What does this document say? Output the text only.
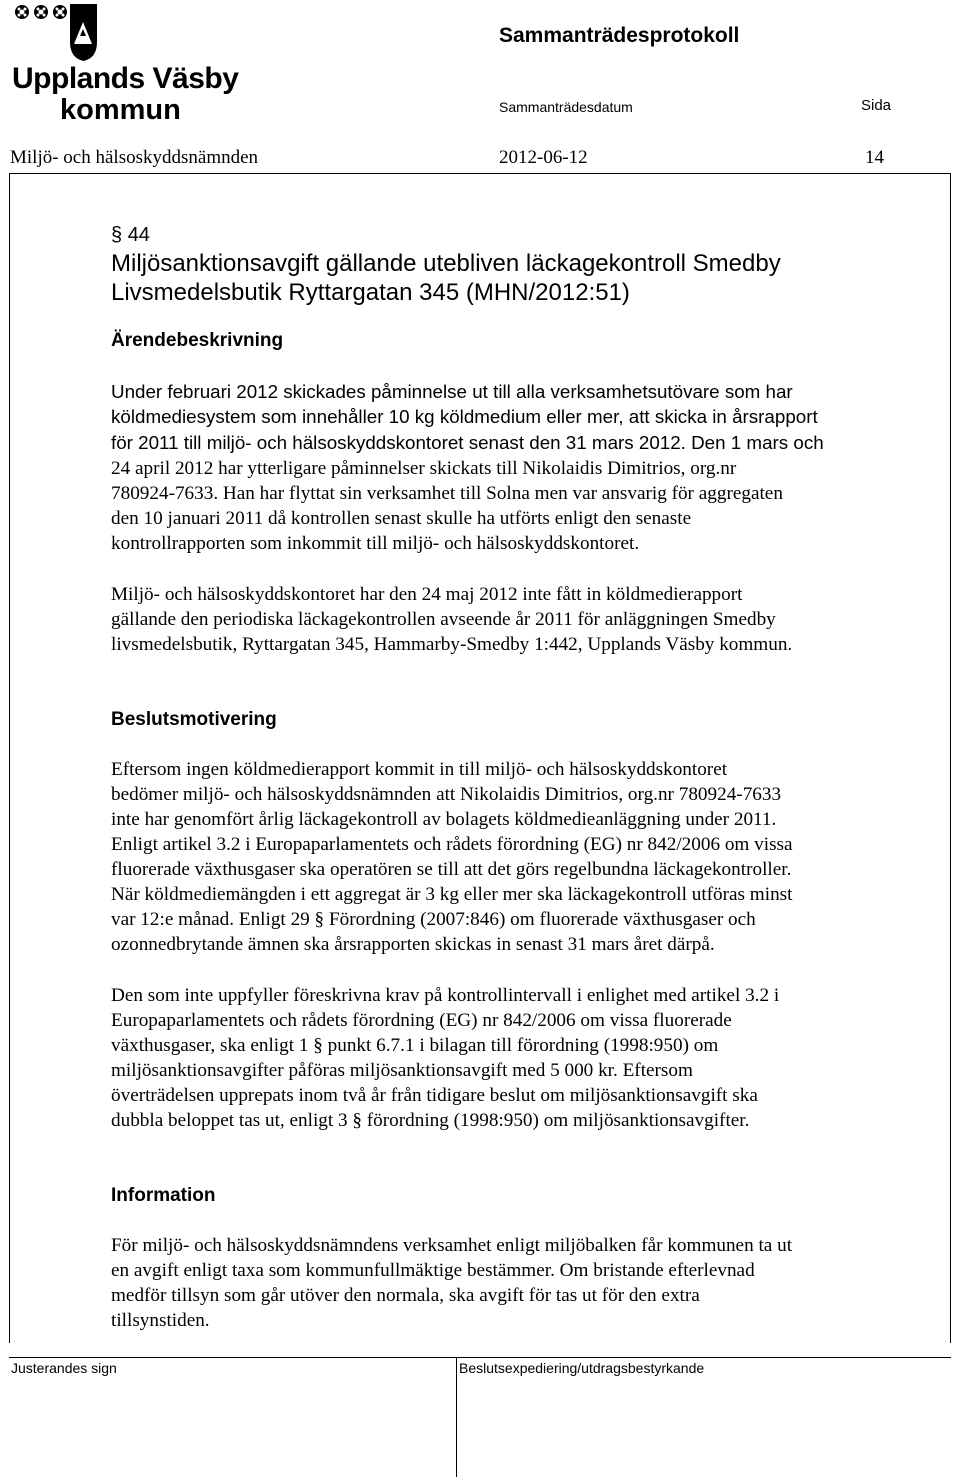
Upplands Väsby
kommun
Sammanträdesprotokoll
Sammanträdesdatum	Sida
Miljö- och hälsoskyddsnämnden	2012-06-12	14
§ 44
Miljösanktionsavgift gällande utebliven läckagekontroll Smedby
Livsmedelsbutik Ryttargatan 345 (MHN/2012:51)
Ärendebeskrivning
Under februari 2012 skickades påminnelse ut till alla verksamhetsutövare som har
köldmediesystem som innehåller 10 kg köldmedium eller mer, att skicka in årsrapport
för 2011 till miljö- och hälsoskyddskontoret senast den 31 mars 2012. Den 1 mars och
24 april 2012 har ytterligare påminnelser skickats till Nikolaidis Dimitrios, org.nr
780924-7633. Han har flyttat sin verksamhet till Solna men var ansvarig för aggregaten
den 10 januari 2011 då kontrollen senast skulle ha utförts enligt den senaste
kontrollrapporten som inkommit till miljö- och hälsoskyddskontoret.
Miljö- och hälsoskyddskontoret har den 24 maj 2012 inte fått in köldmedierapport
gällande den periodiska läckagekontrollen avseende år 2011 för anläggningen Smedby
livsmedelsbutik, Ryttargatan 345, Hammarby-Smedby 1:442, Upplands Väsby kommun.
Beslutsmotivering
Eftersom ingen köldmedierapport kommit in till miljö- och hälsoskyddskontoret
bedömer miljö- och hälsoskyddsnämnden att Nikolaidis Dimitrios, org.nr 780924-7633
inte har genomfört årlig läckagekontroll av bolagets köldmedieanläggning under 2011.
Enligt artikel 3.2 i Europaparlamentets och rådets förordning (EG) nr 842/2006 om vissa
fluorerade växthusgaser ska operatören se till att det görs regelbundna läckagekontroller.
När köldmediemängden i ett aggregat är 3 kg eller mer ska läckagekontroll utföras minst
var 12:e månad. Enligt 29 § Förordning (2007:846) om fluorerade växthusgaser och
ozonnedbrytande ämnen ska årsrapporten skickas in senast 31 mars året därpå.
Den som inte uppfyller föreskrivna krav på kontrollintervall i enlighet med artikel 3.2 i
Europaparlamentets och rådets förordning (EG) nr 842/2006 om vissa fluorerade
växthusgaser, ska enligt 1 § punkt 6.7.1 i bilagan till förordning (1998:950) om
miljösanktionsavgifter påföras miljösanktionsavgift med 5 000 kr. Eftersom
överträdelsen upprepats inom två år från tidigare beslut om miljösanktionsavgift ska
dubbla beloppet tas ut, enligt 3 § förordning (1998:950) om miljösanktionsavgifter.
Information
För miljö- och hälsoskyddsnämndens verksamhet enligt miljöbalken får kommunen ta ut
en avgift enligt taxa som kommunfullmäktige bestämmer. Om bristande efterlevnad
medför tillsyn som går utöver den normala, ska avgift för tas ut för den extra
tillsynstiden.
Justerandes sign	Beslutsexpediering/utdragsbestyrkande
